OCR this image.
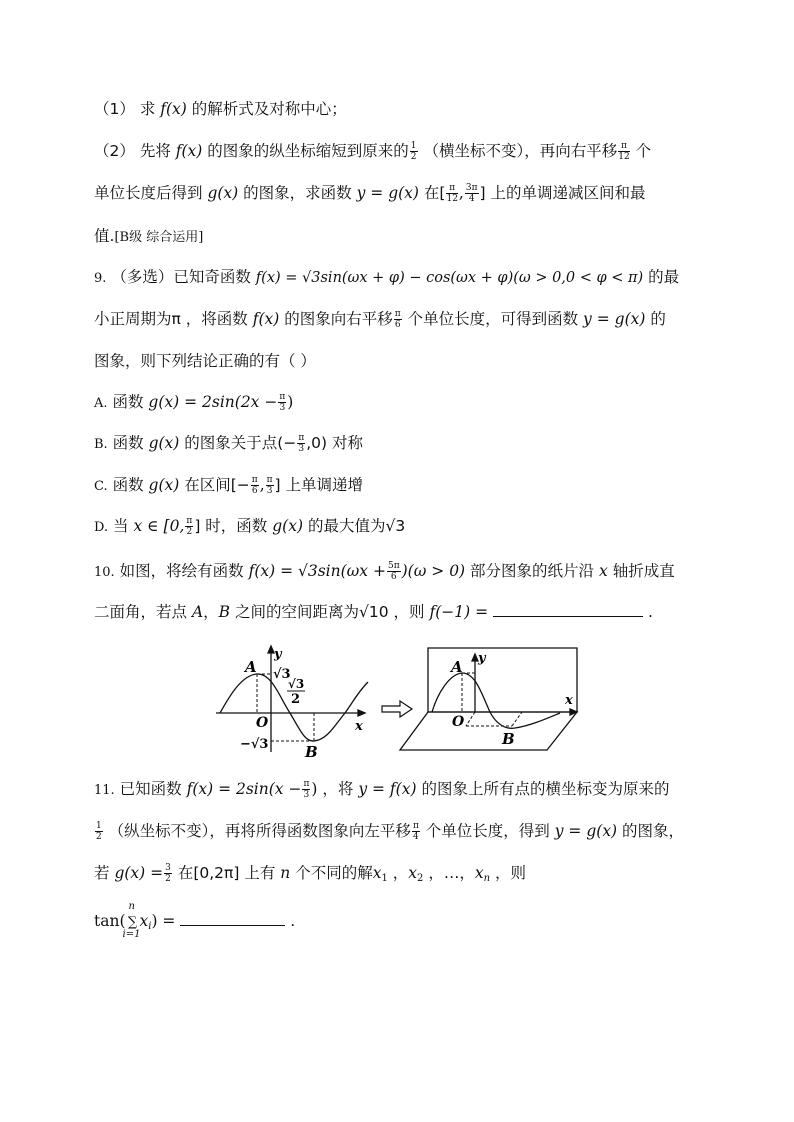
（1） 求 f(x) 的解析式及对称中心；
（2） 先将 f(x) 的图象的纵坐标缩短到原来的 $\frac{1}{2}$ （横坐标不变），再向右平移 $\frac{\pi}{12}$ 个
单位长度后得到 g(x) 的图象，求函数 y = g(x) 在[ $\frac{\pi}{12}$ , $\frac{3\pi}{4}$ ] 上的单调递减区间和最
值.[B级 综合运用]
9. （多选）已知奇函数 f(x) = √3sin(ωx + φ) − cos(ωx + φ)(ω > 0,0 < φ < π) 的最
小正周期为π ，将函数 f(x) 的图象向右平移 $\frac{\pi}{6}$ 个单位长度，可得到函数 y = g(x) 的
图象，则下列结论正确的有（ ）
A. 函数 $g(x) = 2\sin(2x - \frac{\pi}{3}$ )
B. 函数 g(x) 的图象关于点(− $\frac{\pi}{3} ,0$) 对称
C. 函数 g(x) 在区间[− $\frac{\pi}{6}$ , $\frac{\pi}{3}$ ] 上单调递增
D. 当 x ∈ [0, $\frac{\pi}{2}$ ] 时，函数 g(x) 的最大值为√3
10. 如图，将绘有函数 $f(x) = √3\sin(\omega x + \frac{5\pi}{6} )(\omega > 0)$ 部分图象的纸片沿 x 轴折成直
二面角，若点 A，B 之间的空间距离为√10 ，则 f(−1) =	.
A
y
√3
√3
2
O	x
−√3 B
A y
O
x
B
11. 已知函数 $f(x) = 2\sin(x - \frac{\pi}{3}$ ) ，将 y = f(x) 的图象上所有点的横坐标变为原来的
$\frac{1}{2}$ （纵坐标不变），再将所得函数图象向左平移 $\frac{\pi}{4}$ 个单位长度，得到 y = g(x) 的图象，
若 $g(x) = \frac{3}{2}$ 在[0,2π] 上有 n 个不同的解$x_1$ ，$x_2$ ，…，$x_n$ ，则
tan(
n
∑
i=1
$x_i$) =	.
